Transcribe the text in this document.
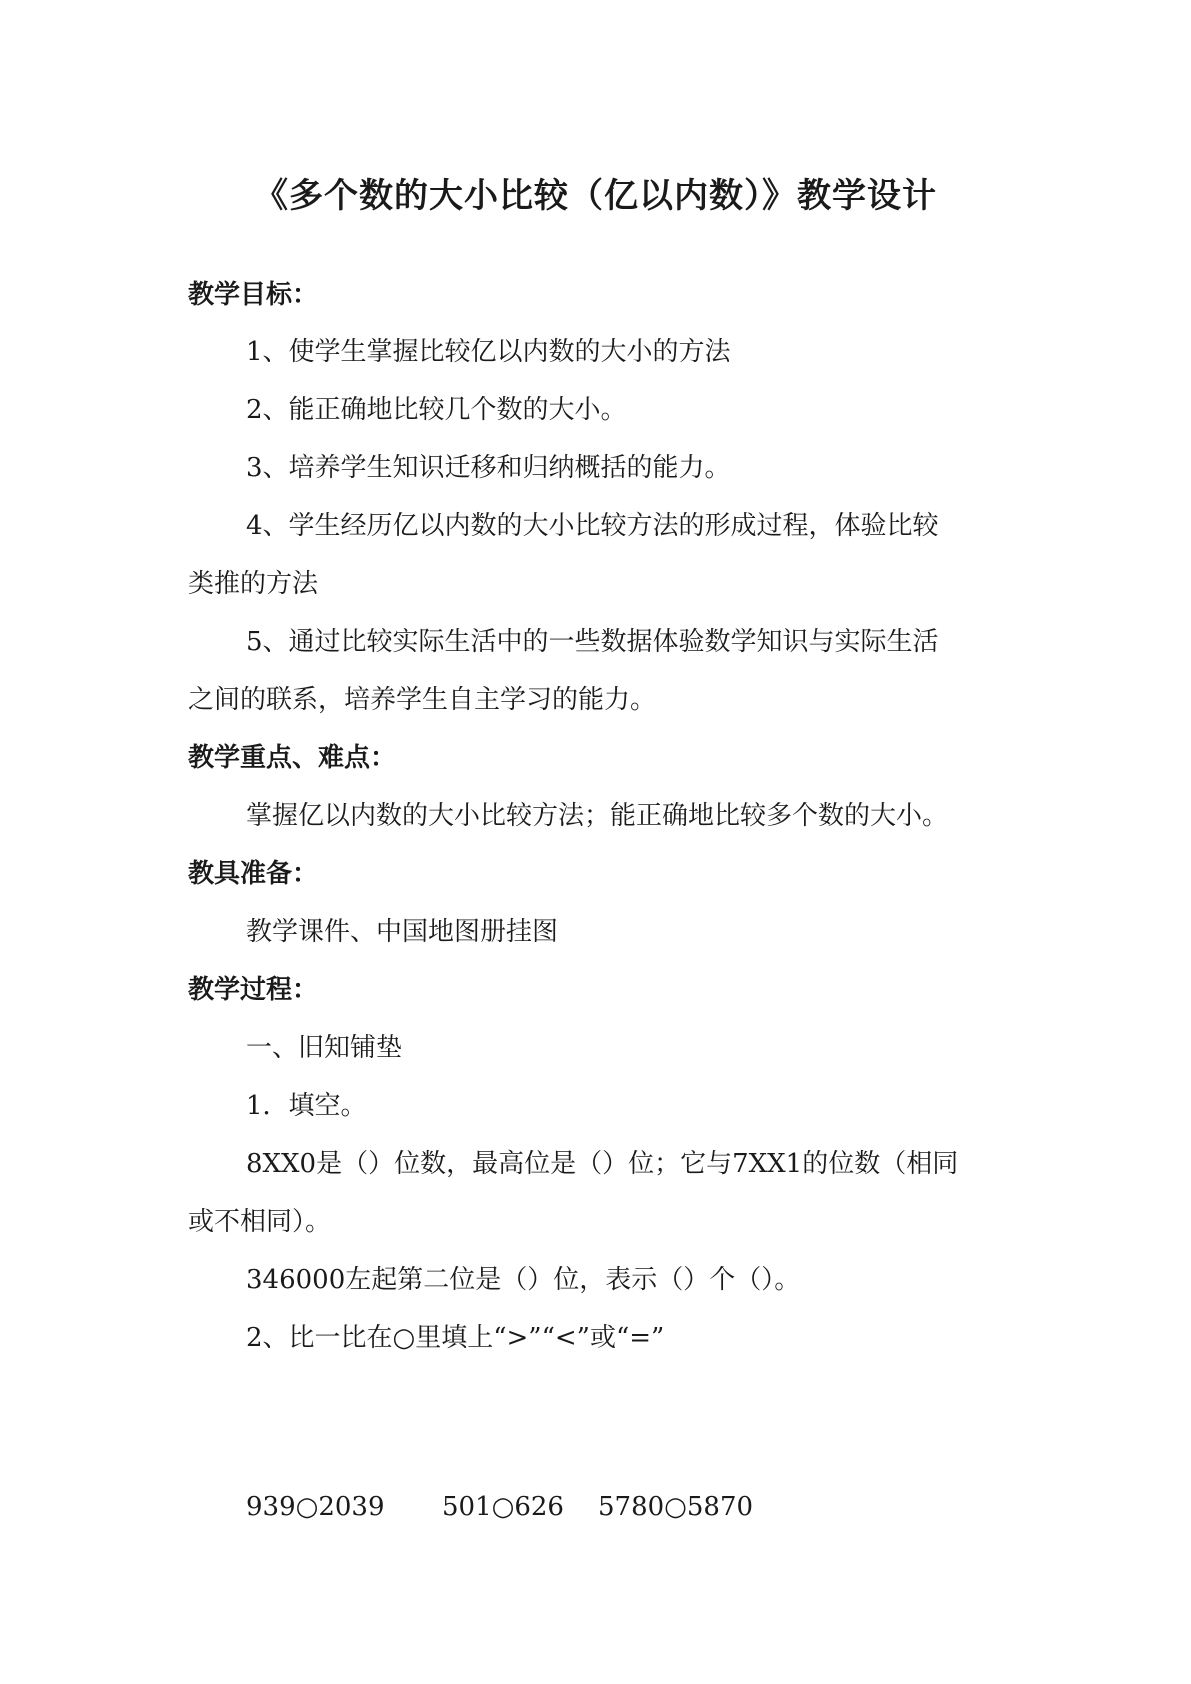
《多个数的大小比较（亿以内数）》教学设计
教学目标：
1、使学生掌握比较亿以内数的大小的方法
2、能正确地比较几个数的大小。
3、培养学生知识迁移和归纳概括的能力。
4、学生经历亿以内数的大小比较方法的形成过程，体验比较
类推的方法
5、通过比较实际生活中的一些数据体验数学知识与实际生活
之间的联系，培养学生自主学习的能力。
教学重点、难点：
掌握亿以内数的大小比较方法；能正确地比较多个数的大小。
教具准备：
教学课件、中国地图册挂图
教学过程：
一、旧知铺垫
1．填空。
8XX0是（）位数，最高位是（）位；它与7XX1的位数（相同
或不相同）。
346000左起第二位是（）位，表示（）个（）。
2、比一比在○里填上“>”“<”或“=”
939○2039 501○626 5780○5870
